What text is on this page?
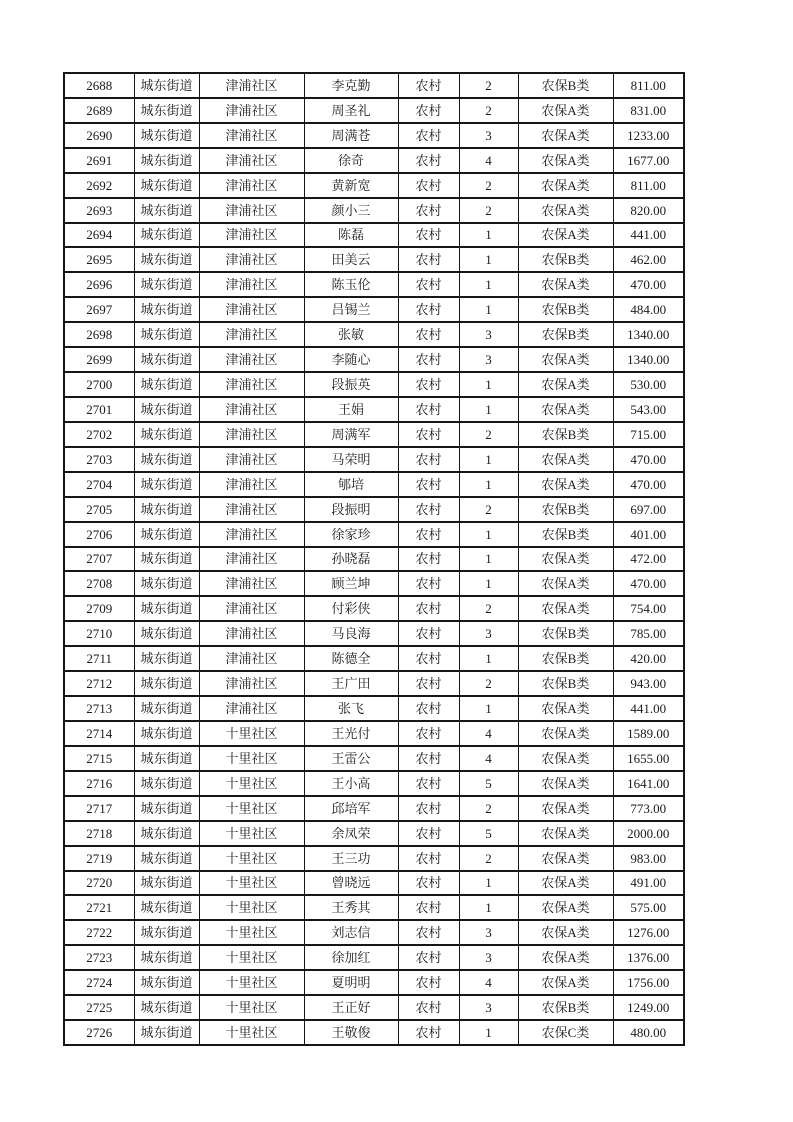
2688	城东街道	津浦社区	李克勤	农村	2	农保B类	811.00
2689	城东街道	津浦社区	周圣礼	农村	2	农保A类	831.00
2690	城东街道	津浦社区	周满苍	农村	3	农保A类	1233.00
2691	城东街道	津浦社区	徐奇	农村	4	农保A类	1677.00
2692	城东街道	津浦社区	黄新宽	农村	2	农保A类	811.00
2693	城东街道	津浦社区	颜小三	农村	2	农保A类	820.00
2694	城东街道	津浦社区	陈磊	农村	1	农保A类	441.00
2695	城东街道	津浦社区	田美云	农村	1	农保B类	462.00
2696	城东街道	津浦社区	陈玉伦	农村	1	农保A类	470.00
2697	城东街道	津浦社区	吕锡兰	农村	1	农保B类	484.00
2698	城东街道	津浦社区	张敏	农村	3	农保B类	1340.00
2699	城东街道	津浦社区	李随心	农村	3	农保A类	1340.00
2700	城东街道	津浦社区	段振英	农村	1	农保A类	530.00
2701	城东街道	津浦社区	王娟	农村	1	农保A类	543.00
2702	城东街道	津浦社区	周满军	农村	2	农保B类	715.00
2703	城东街道	津浦社区	马荣明	农村	1	农保A类	470.00
2704	城东街道	津浦社区	郇培	农村	1	农保A类	470.00
2705	城东街道	津浦社区	段振明	农村	2	农保B类	697.00
2706	城东街道	津浦社区	徐家珍	农村	1	农保B类	401.00
2707	城东街道	津浦社区	孙晓磊	农村	1	农保A类	472.00
2708	城东街道	津浦社区	顾兰坤	农村	1	农保A类	470.00
2709	城东街道	津浦社区	付彩侠	农村	2	农保A类	754.00
2710	城东街道	津浦社区	马良海	农村	3	农保B类	785.00
2711	城东街道	津浦社区	陈德全	农村	1	农保B类	420.00
2712	城东街道	津浦社区	王广田	农村	2	农保B类	943.00
2713	城东街道	津浦社区	张飞	农村	1	农保A类	441.00
2714	城东街道	十里社区	王光付	农村	4	农保A类	1589.00
2715	城东街道	十里社区	王雷公	农村	4	农保A类	1655.00
2716	城东街道	十里社区	王小高	农村	5	农保A类	1641.00
2717	城东街道	十里社区	邱培军	农村	2	农保A类	773.00
2718	城东街道	十里社区	余凤荣	农村	5	农保A类	2000.00
2719	城东街道	十里社区	王三功	农村	2	农保A类	983.00
2720	城东街道	十里社区	曾晓远	农村	1	农保A类	491.00
2721	城东街道	十里社区	王秀其	农村	1	农保A类	575.00
2722	城东街道	十里社区	刘志信	农村	3	农保A类	1276.00
2723	城东街道	十里社区	徐加红	农村	3	农保A类	1376.00
2724	城东街道	十里社区	夏明明	农村	4	农保A类	1756.00
2725	城东街道	十里社区	王正好	农村	3	农保B类	1249.00
2726	城东街道	十里社区	王敬俊	农村	1	农保C类	480.00
